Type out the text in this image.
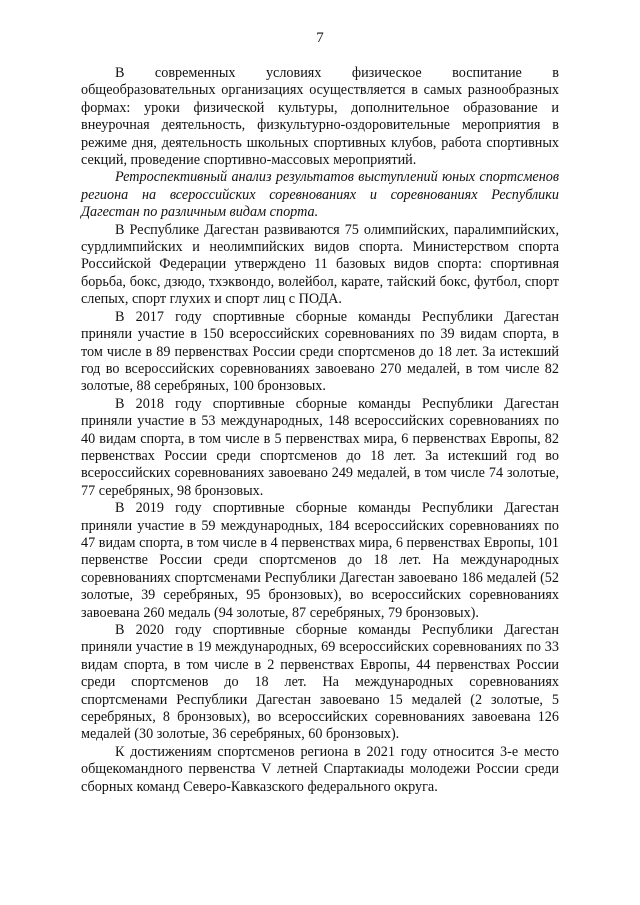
7

В современных условиях физическое воспитание в общеобразовательных организациях осуществляется в самых разнообразных формах: уроки физической культуры, дополнительное образование и внеурочная деятельность, физкультурно-оздоровительные мероприятия в режиме дня, деятельность школьных спортивных клубов, работа спортивных секций, проведение спортивно-массовых мероприятий.

Ретроспективный анализ результатов выступлений юных спортсменов региона на всероссийских соревнованиях и соревнованиях Республики Дагестан по различным видам спорта.

В Республике Дагестан развиваются 75 олимпийских, паралимпийских, сурдлимпийских и неолимпийских видов спорта. Министерством спорта Российской Федерации утверждено 11 базовых видов спорта: спортивная борьба, бокс, дзюдо, тхэквондо, волейбол, карате, тайский бокс, футбол, спорт слепых, спорт глухих и спорт лиц с ПОДА.

В 2017 году спортивные сборные команды Республики Дагестан приняли участие в 150 всероссийских соревнованиях по 39 видам спорта, в том числе в 89 первенствах России среди спортсменов до 18 лет. За истекший год во всероссийских соревнованиях завоевано 270 медалей, в том числе 82 золотые, 88 серебряных, 100 бронзовых.

В 2018 году спортивные сборные команды Республики Дагестан приняли участие в 53 международных, 148 всероссийских соревнованиях по 40 видам спорта, в том числе в 5 первенствах мира, 6 первенствах Европы, 82 первенствах России среди спортсменов до 18 лет. За истекший год во всероссийских соревнованиях завоевано 249 медалей, в том числе 74 золотые, 77 серебряных, 98 бронзовых.

В 2019 году спортивные сборные команды Республики Дагестан приняли участие в 59 международных, 184 всероссийских соревнованиях по 47 видам спорта, в том числе в 4 первенствах мира, 6 первенствах Европы, 101 первенстве России среди спортсменов до 18 лет. На международных соревнованиях спортсменами Республики Дагестан завоевано 186 медалей (52 золотые, 39 серебряных, 95 бронзовых), во всероссийских соревнованиях завоевана 260 медаль (94 золотые, 87 серебряных, 79 бронзовых).

В 2020 году спортивные сборные команды Республики Дагестан приняли участие в 19 международных, 69 всероссийских соревнованиях по 33 видам спорта, в том числе в 2 первенствах Европы, 44 первенствах России среди спортсменов до 18 лет. На международных соревнованиях спортсменами Республики Дагестан завоевано 15 медалей (2 золотые, 5 серебряных, 8 бронзовых), во всероссийских соревнованиях завоевана 126 медалей (30 золотые, 36 серебряных, 60 бронзовых).

К достижениям спортсменов региона в 2021 году относится 3-е место общекомандного первенства V летней Спартакиады молодежи России среди сборных команд Северо-Кавказского федерального округа.
